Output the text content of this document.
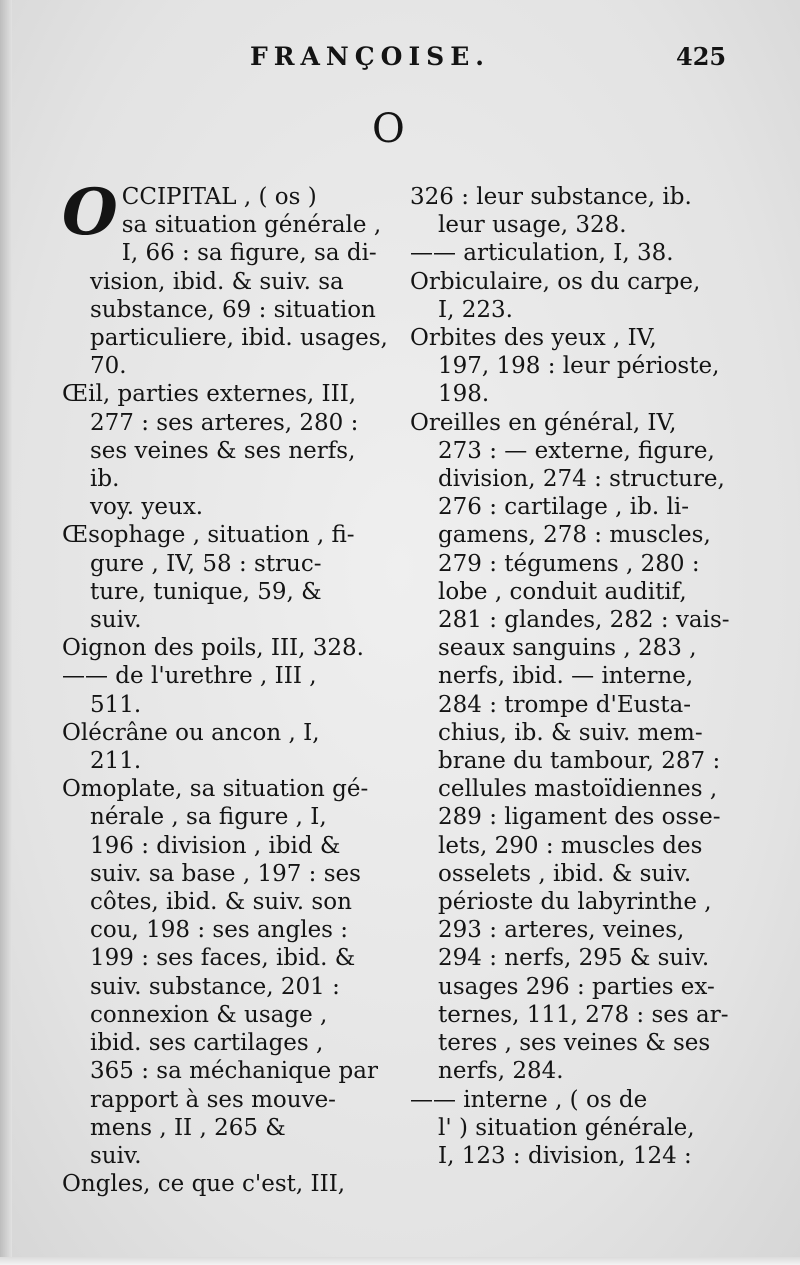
FRANÇOISE.	425
O
O CCIPITAL , ( os )
sa situation générale ,
I, 66 : sa figure, sa di-
vision, ibid. & suiv. sa
substance, 69 : situation
particuliere, ibid. usages,
70.
Œil, parties externes, III,
277 : ses arteres, 280 :
ses veines & ses nerfs, ib.
voy. yeux.
Œsophage , situation , fi-
gure , IV, 58 : struc-
ture, tunique, 59, &
suiv.
Oignon des poils, III, 328.
—— de l'urethre , III ,
511.
Olécrâne ou ancon , I,
211.
Omoplate, sa situation gé-
nérale , sa figure , I,
196 : division , ibid &
suiv. sa base , 197 : ses
côtes, ibid. & suiv. son
cou, 198 : ses angles :
199 : ses faces, ibid. &
suiv. substance, 201 :
connexion & usage ,
ibid. ses cartilages ,
365 : sa méchanique par
rapport à ses mouve-
mens , II , 265 &
suiv.
Ongles, ce que c'est, III,
326 : leur substance, ib.
leur usage, 328.
—— articulation, I, 38.
Orbiculaire, os du carpe,
I, 223.
Orbites des yeux , IV,
197, 198 : leur périoste,
198.
Oreilles en général, IV,
273 : — externe, figure,
division, 274 : structure,
276 : cartilage , ib. li-
gamens, 278 : muscles,
279 : tégumens , 280 :
lobe , conduit auditif,
281 : glandes, 282 : vais-
seaux sanguins , 283 ,
nerfs, ibid. — interne,
284 : trompe d'Eusta-
chius, ib. & suiv. mem-
brane du tambour, 287 :
cellules mastoïdiennes ,
289 : ligament des osse-
lets, 290 : muscles des
osselets , ibid. & suiv.
périoste du labyrinthe ,
293 : arteres, veines,
294 : nerfs, 295 & suiv.
usages 296 : parties ex-
ternes, 111, 278 : ses ar-
teres , ses veines & ses
nerfs, 284.
—— interne , ( os de
l' ) situation générale,
I, 123 : division, 124 :
